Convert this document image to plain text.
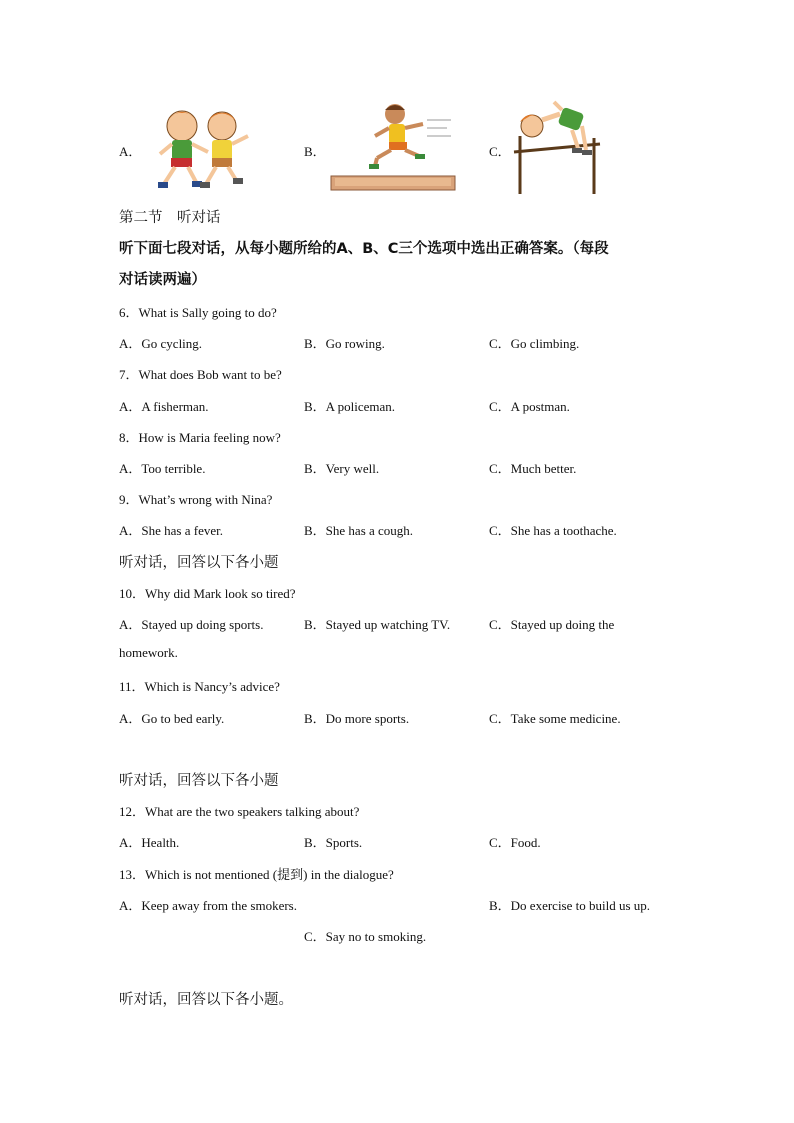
A．	B．	C．
第二节　听对话
听下面七段对话，从每小题所给的A、B、C三个选项中选出正确答案。（每段
对话读两遍）
6．What is Sally going to do?
A．Go cycling.	B．Go rowing.	C．Go climbing.
7．What does Bob want to be?
A．A fisherman.	B．A policeman.	C．A postman.
8．How is Maria feeling now?
A．Too terrible.	B．Very well.	C．Much better.
9．What’s wrong with Nina?
A．She has a fever.	B．She has a cough.	C．She has a toothache.
听对话，回答以下各小题
10．Why did Mark look so tired?
A．Stayed up doing sports.	B．Stayed up watching TV.	C．Stayed up doing the
homework.
11．Which is Nancy’s advice?
A．Go to bed early.	B．Do more sports.	C．Take some medicine.
听对话，回答以下各小题
12．What are the two speakers talking about?
A．Health.	B．Sports.	C．Food.
13．Which is not mentioned (提到) in the dialogue?
A．Keep away from the smokers.	B．Do exercise to build us up.
C．Say no to smoking.
听对话，回答以下各小题。
